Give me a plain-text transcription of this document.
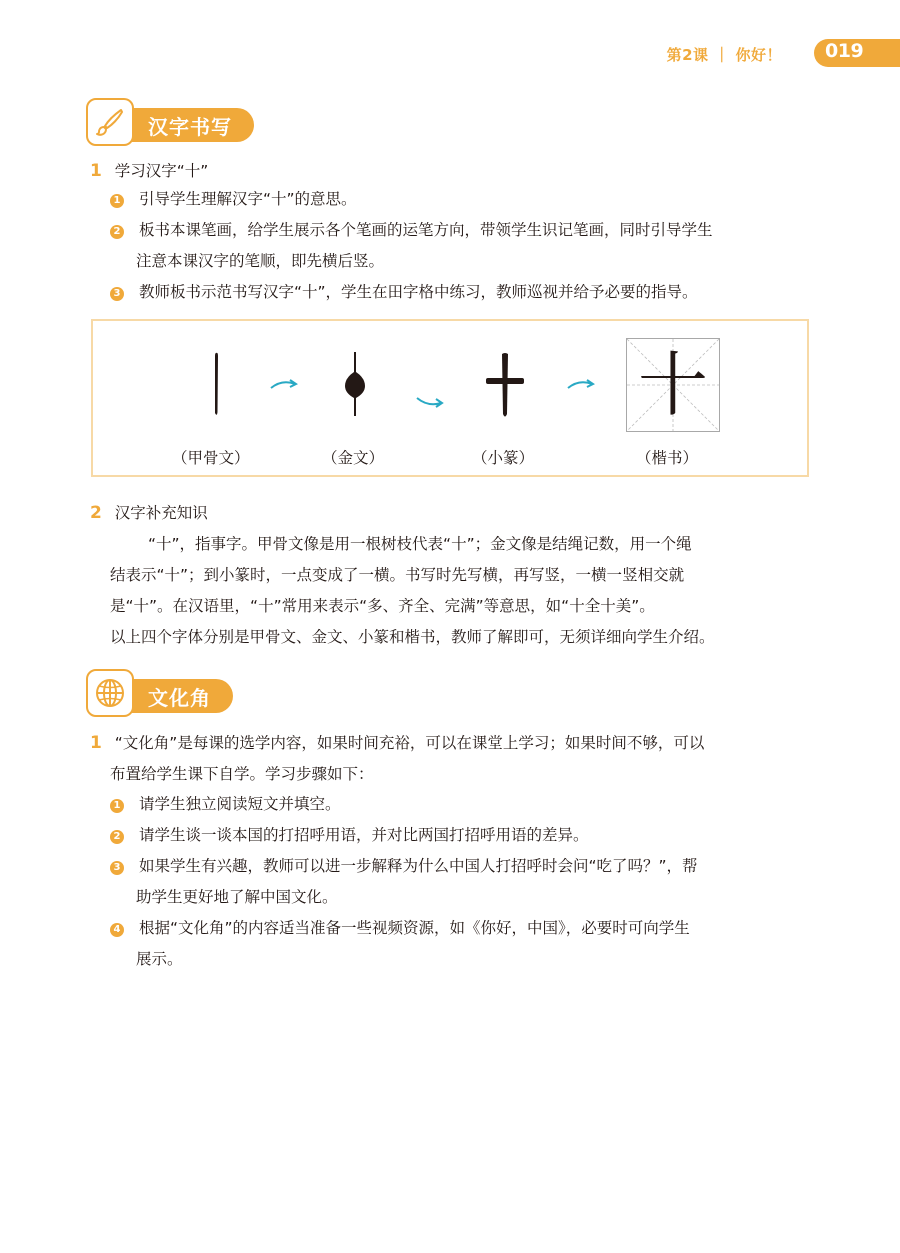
第2课 ｜ 你好！ 019
汉字书写
1 学习汉字“十”
1 引导学生理解汉字“十”的意思。
2 板书本课笔画，给学生展示各个笔画的运笔方向，带领学生识记笔画，同时引导学生
注意本课汉字的笔顺，即先横后竖。
3 教师板书示范书写汉字“十”，学生在田字格中练习，教师巡视并给予必要的指导。
十
（甲骨文）	（金文）	（小篆）	（楷书）
2 汉字补充知识
“十”，指事字。甲骨文像是用一根树枝代表“十”；金文像是结绳记数，用一个绳
结表示“十”；到小篆时，一点变成了一横。书写时先写横，再写竖，一横一竖相交就
是“十”。在汉语里，“十”常用来表示“多、齐全、完满”等意思，如“十全十美”。
以上四个字体分别是甲骨文、金文、小篆和楷书，教师了解即可，无须详细向学生介绍。
文化角
1 “文化角”是每课的选学内容，如果时间充裕，可以在课堂上学习；如果时间不够，可以
布置给学生课下自学。学习步骤如下：
1 请学生独立阅读短文并填空。
2 请学生谈一谈本国的打招呼用语，并对比两国打招呼用语的差异。
3 如果学生有兴趣，教师可以进一步解释为什么中国人打招呼时会问“吃了吗？”，帮
助学生更好地了解中国文化。
4 根据“文化角”的内容适当准备一些视频资源，如《你好，中国》，必要时可向学生
展示。
